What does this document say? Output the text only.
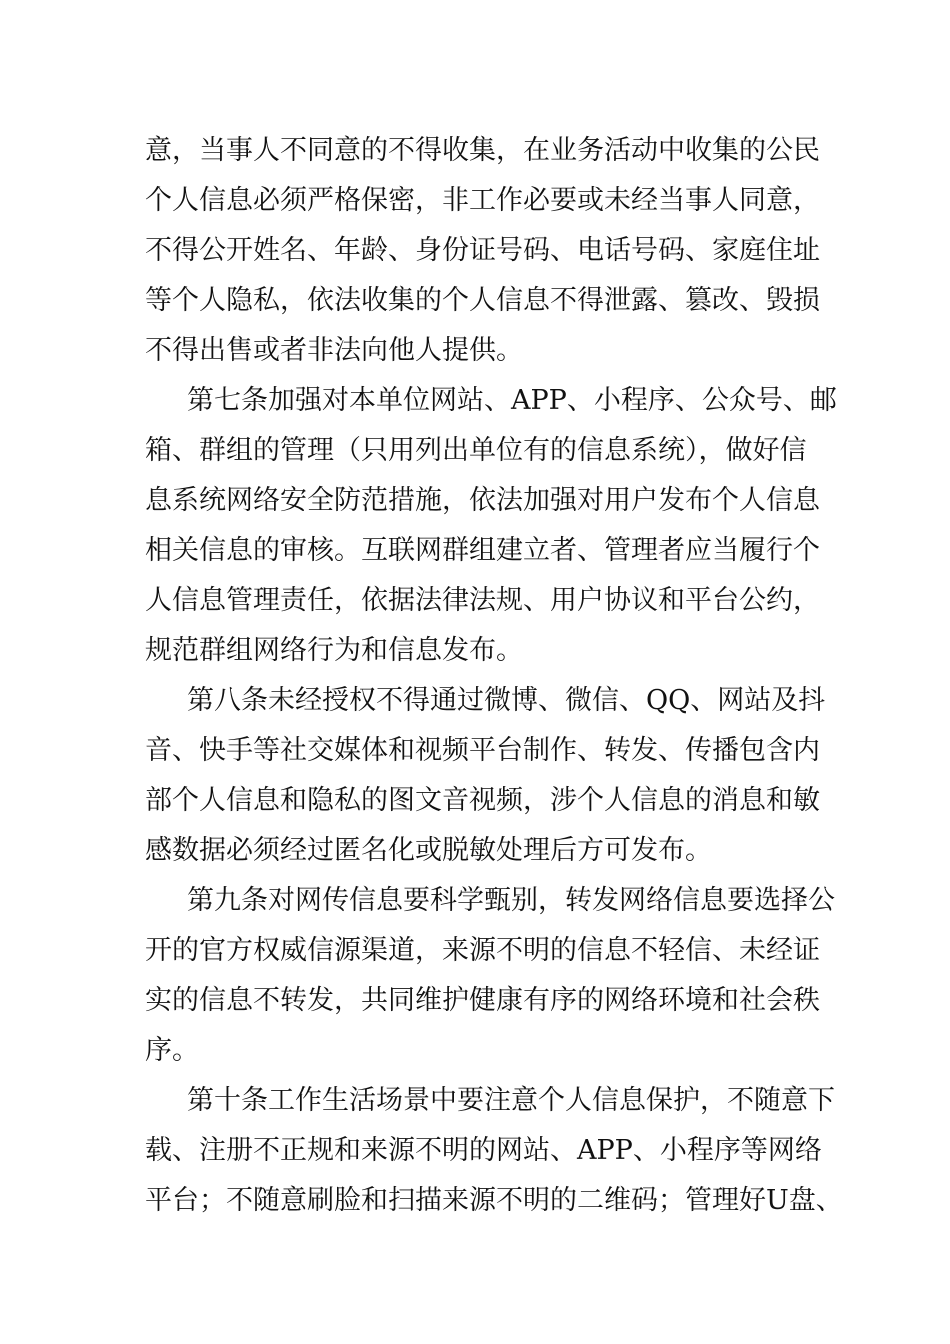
意，当事人不同意的不得收集，在业务活动中收集的公民
个人信息必须严格保密，非工作必要或未经当事人同意，
不得公开姓名、年龄、身份证号码、电话号码、家庭住址
等个人隐私，依法收集的个人信息不得泄露、篡改、毁损
不得出售或者非法向他人提供。
第七条加强对本单位网站、APP、小程序、公众号、邮
箱、群组的管理（只用列出单位有的信息系统），做好信
息系统网络安全防范措施，依法加强对用户发布个人信息
相关信息的审核。互联网群组建立者、管理者应当履行个
人信息管理责任，依据法律法规、用户协议和平台公约，
规范群组网络行为和信息发布。
第八条未经授权不得通过微博、微信、QQ、网站及抖
音、快手等社交媒体和视频平台制作、转发、传播包含内
部个人信息和隐私的图文音视频，涉个人信息的消息和敏
感数据必须经过匿名化或脱敏处理后方可发布。
第九条对网传信息要科学甄别，转发网络信息要选择公
开的官方权威信源渠道，来源不明的信息不轻信、未经证
实的信息不转发，共同维护健康有序的网络环境和社会秩
序。
第十条工作生活场景中要注意个人信息保护，不随意下
载、注册不正规和来源不明的网站、APP、小程序等网络
平台；不随意刷脸和扫描来源不明的二维码；管理好U盘、
